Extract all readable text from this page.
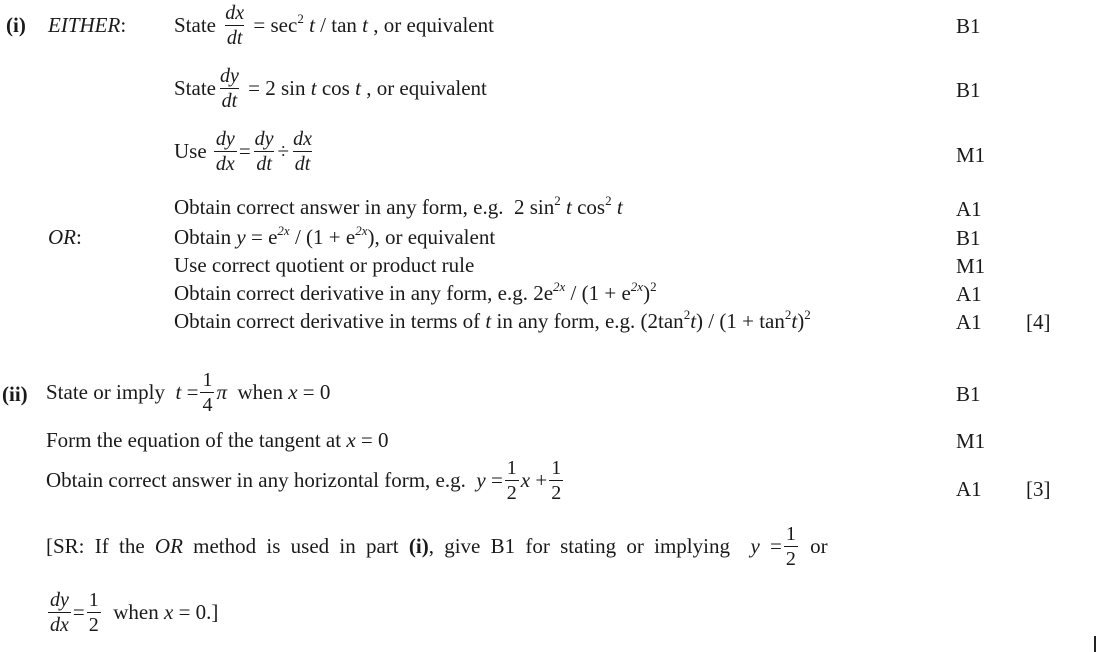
(i) EITHER: State $\frac{dx}{dt} = \sec^2 t / \tan t$ , or equivalent	B1
State $\frac{dy}{dt} = 2$ sin t cos t , or equivalent	B1
Use $\frac{dy}{dx} = \frac{dy}{dt} \div \frac{dx}{dt}$	M1
Obtain correct answer in any form, e.g.  2 $\sin^2 t$ $\cos^2 t$	A1
OR:	Obtain $y = e^{2x} / (1 + e^{2x})$, or equivalent	B1
Use correct quotient or product rule	M1
Obtain correct derivative in any form, e.g. $2e^{2x} / (1 + e^{2x})^2$	A1
Obtain correct derivative in terms of t in any form, e.g. $(2\tan^2t) / (1 + \tan^2t)^2$	A1	[4]
(ii) State or imply  $t = \frac{1}{4}$ π  when x = 0	B1
Form the equation of the tangent at x = 0	M1
Obtain correct answer in any horizontal form, e.g. $y = \frac{1}{2}$ $x + \frac{1}{2}$	A1	[3]
[SR: If the OR method is used in part (i), give B1 for stating or implying $y = \frac{1}{2}$ or
$\frac{dy}{dx} = \frac{1}{2}$ when x = 0.]
